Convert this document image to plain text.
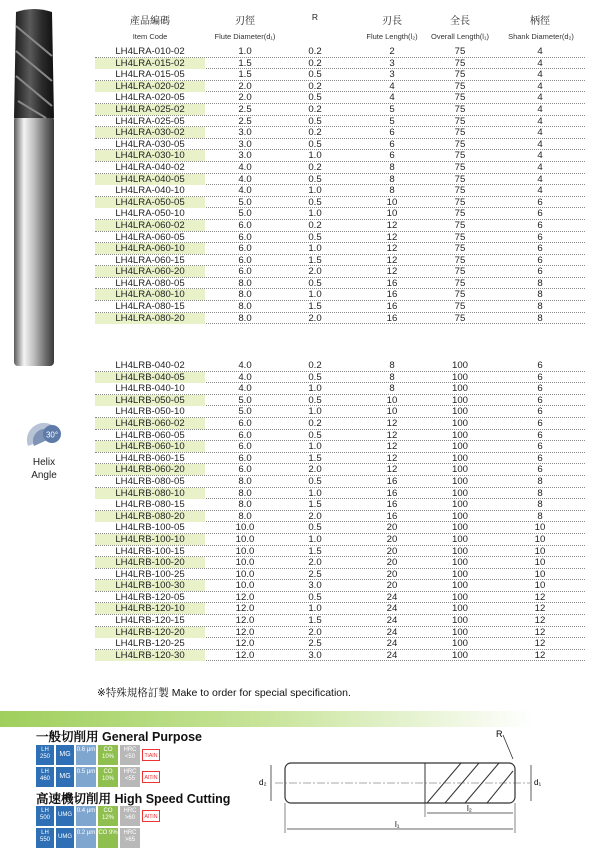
30°
Helix
Angle
產品編碼
Item Code
刃徑
Flute Diameter(d₁)
R	刃長
Flute Length(l₂)
全長
Overall Length(l₁)
柄徑
Shank Diameter(d₂)
LH4LRA-010-02	1.0	0.2	2	75	4
LH4LRA-015-02	1.5	0.2	3	75	4
LH4LRA-015-05	1.5	0.5	3	75	4
LH4LRA-020-02	2.0	0.2	4	75	4
LH4LRA-020-05	2.0	0.5	4	75	4
LH4LRA-025-02	2.5	0.2	5	75	4
LH4LRA-025-05	2.5	0.5	5	75	4
LH4LRA-030-02	3.0	0.2	6	75	4
LH4LRA-030-05	3.0	0.5	6	75	4
LH4LRA-030-10	3.0	1.0	6	75	4
LH4LRA-040-02	4.0	0.2	8	75	4
LH4LRA-040-05	4.0	0.5	8	75	4
LH4LRA-040-10	4.0	1.0	8	75	4
LH4LRA-050-05	5.0	0.5	10	75	6
LH4LRA-050-10	5.0	1.0	10	75	6
LH4LRA-060-02	6.0	0.2	12	75	6
LH4LRA-060-05	6.0	0.5	12	75	6
LH4LRA-060-10	6.0	1.0	12	75	6
LH4LRA-060-15	6.0	1.5	12	75	6
LH4LRA-060-20	6.0	2.0	12	75	6
LH4LRA-080-05	8.0	0.5	16	75	8
LH4LRA-080-10	8.0	1.0	16	75	8
LH4LRA-080-15	8.0	1.5	16	75	8
LH4LRA-080-20	8.0	2.0	16	75	8
LH4LRB-040-02	4.0	0.2	8	100	6
LH4LRB-040-05	4.0	0.5	8	100	6
LH4LRB-040-10	4.0	1.0	8	100	6
LH4LRB-050-05	5.0	0.5	10	100	6
LH4LRB-050-10	5.0	1.0	10	100	6
LH4LRB-060-02	6.0	0.2	12	100	6
LH4LRB-060-05	6.0	0.5	12	100	6
LH4LRB-060-10	6.0	1.0	12	100	6
LH4LRB-060-15	6.0	1.5	12	100	6
LH4LRB-060-20	6.0	2.0	12	100	6
LH4LRB-080-05	8.0	0.5	16	100	8
LH4LRB-080-10	8.0	1.0	16	100	8
LH4LRB-080-15	8.0	1.5	16	100	8
LH4LRB-080-20	8.0	2.0	16	100	8
LH4LRB-100-05	10.0	0.5	20	100	10
LH4LRB-100-10	10.0	1.0	20	100	10
LH4LRB-100-15	10.0	1.5	20	100	10
LH4LRB-100-20	10.0	2.0	20	100	10
LH4LRB-100-25	10.0	2.5	20	100	10
LH4LRB-100-30	10.0	3.0	20	100	10
LH4LRB-120-05	12.0	0.5	24	100	12
LH4LRB-120-10	12.0	1.0	24	100	12
LH4LRB-120-15	12.0	1.5	24	100	12
LH4LRB-120-20	12.0	2.0	24	100	12
LH4LRB-120-25	12.0	2.5	24	100	12
LH4LRB-120-30	12.0	3.0	24	100	12
※特殊規格訂製 Make to order for special specification.
一般切削用 General Purpose
LH 250	MG
0.6 μm	CO 10%
HRC <50	TiAlN
LH 460	MG
0.5 μm	CO 10%
HRC <55	AlTiN
高速機切削用 High Speed Cutting
LH 500	UMG
0.4 μm	CO 12%
HRC >60	AlTiN
LH 550	UMG
0.2 μm CO 9% HRC >65
R
d₂	d₁
l₂
l₁
